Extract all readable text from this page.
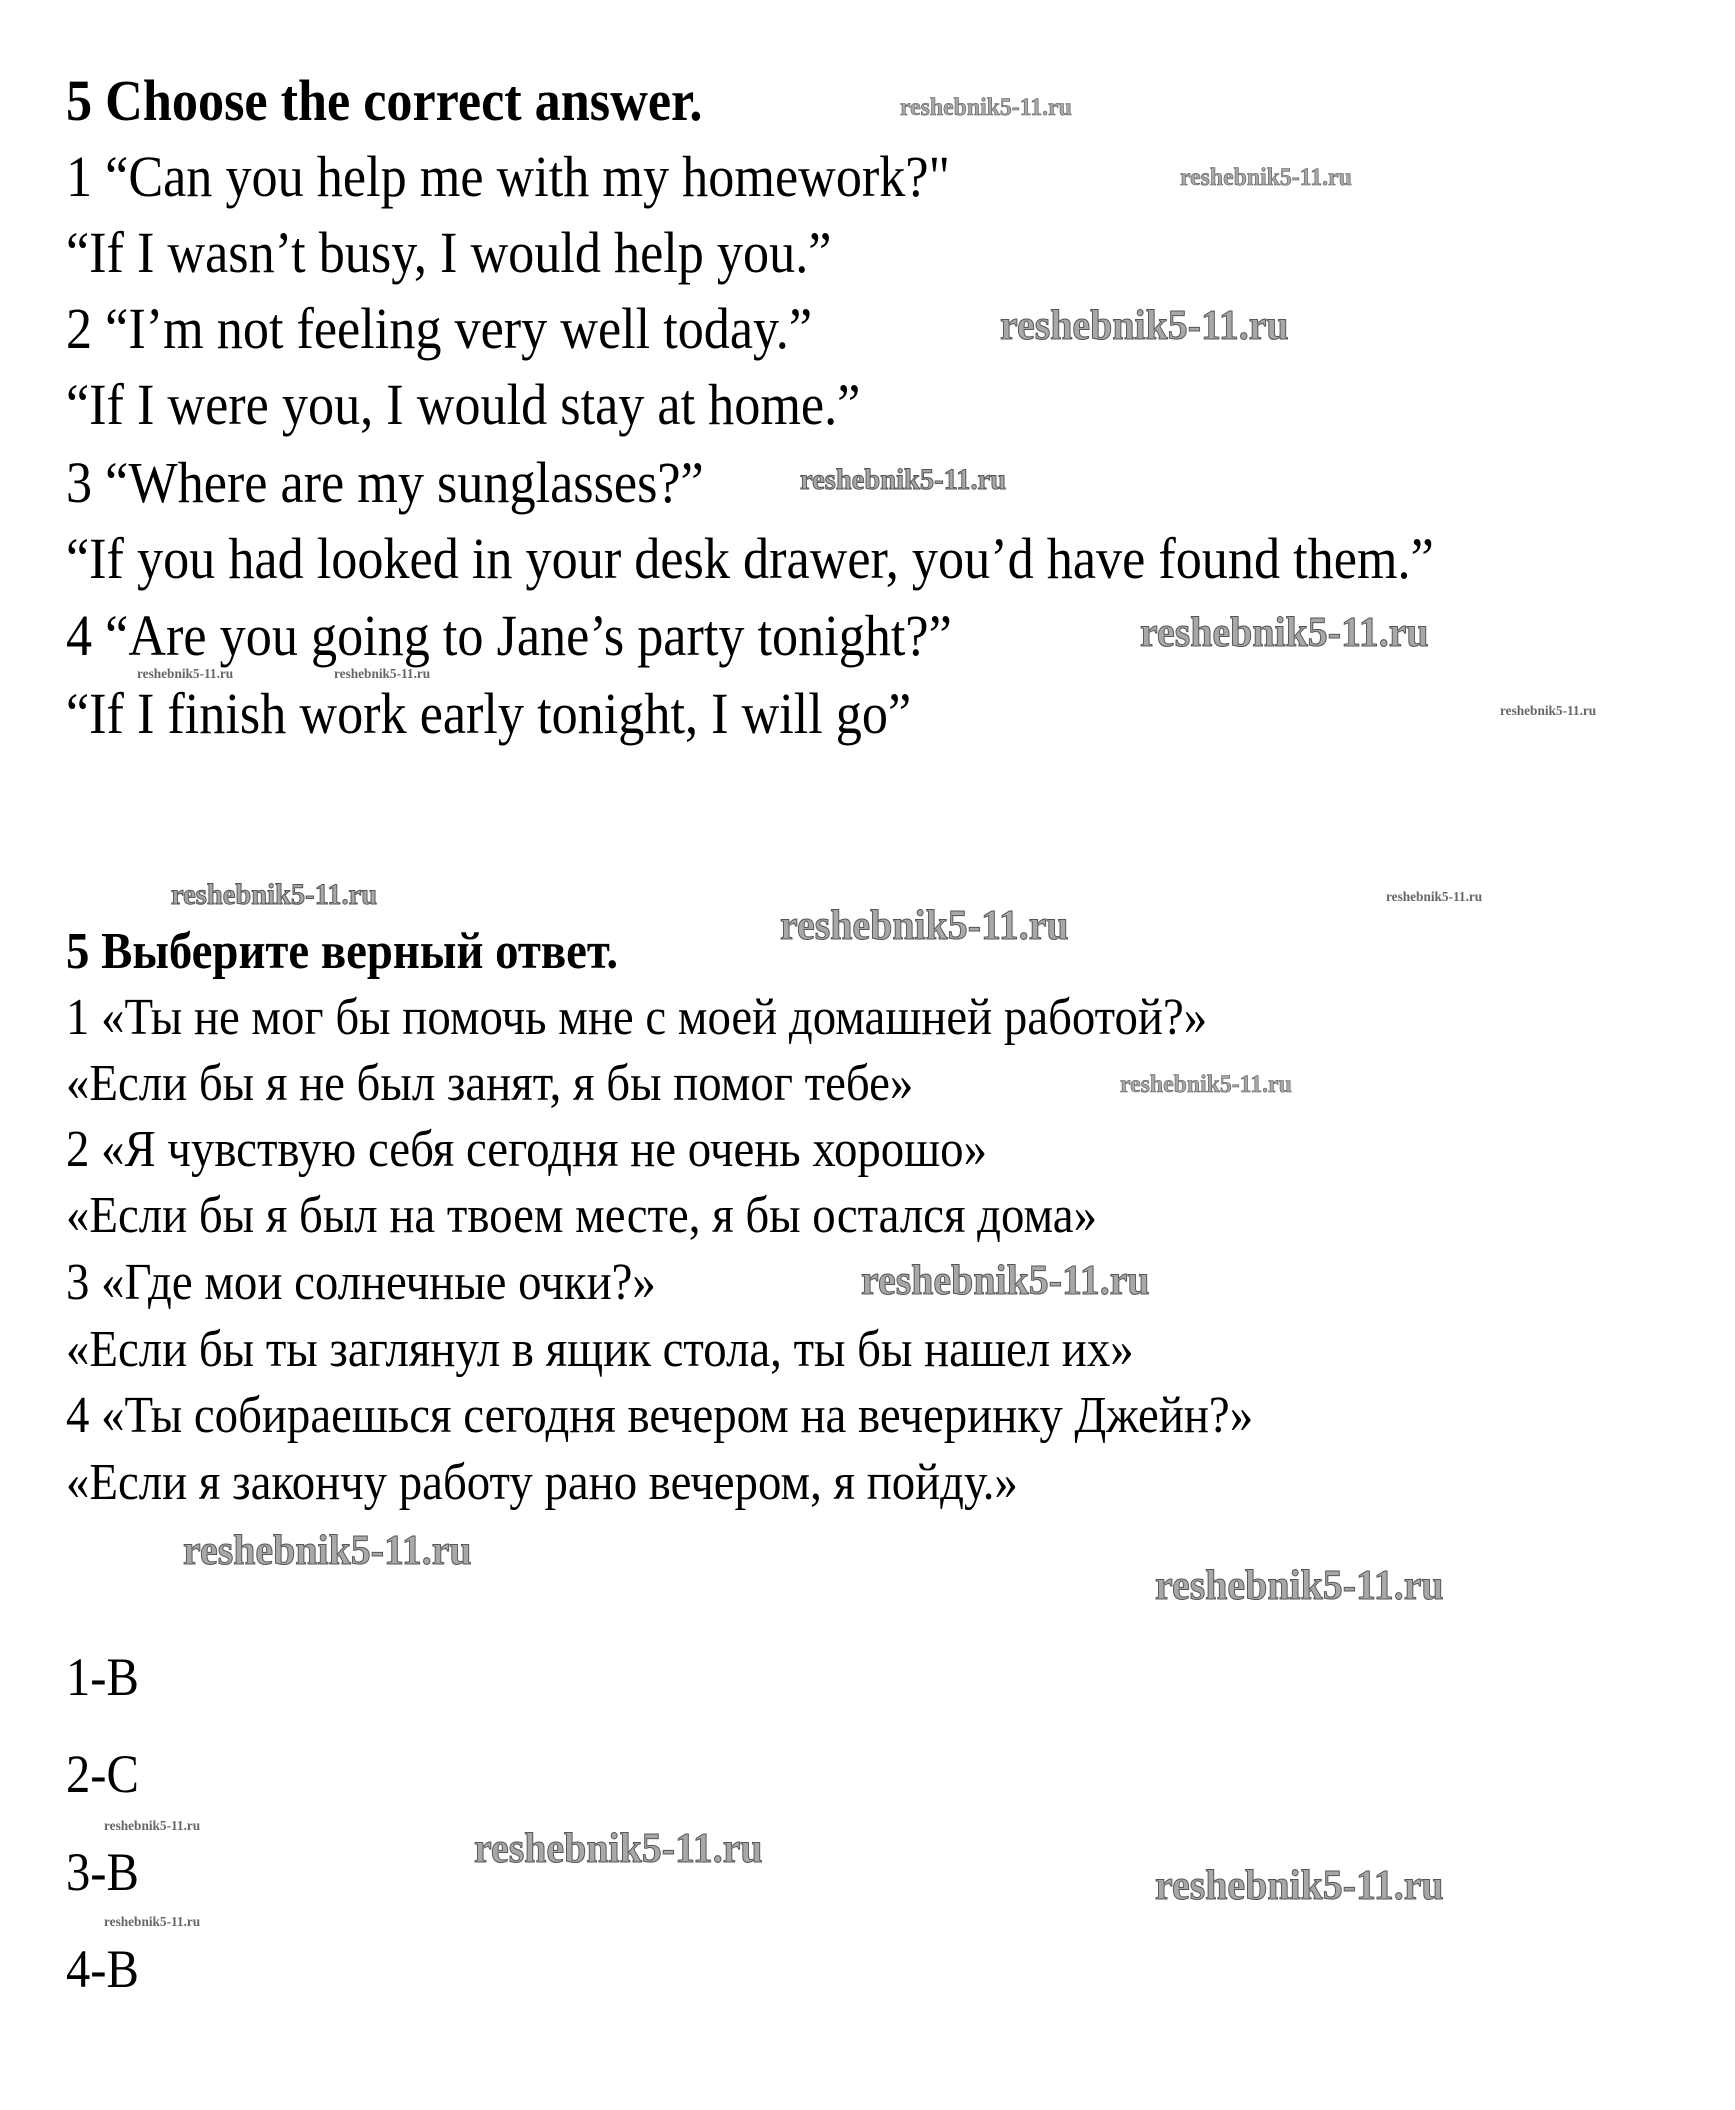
5 Choose the correct answer.
1 “Can you help me with my homework?"
“If I wasn’t busy, I would help you.”
2 “I’m not feeling very well today.”
“If I were you, I would stay at home.”
3 “Where are my sunglasses?”
“If you had looked in your desk drawer, you’d have found them.”
4 “Are you going to Jane’s party tonight?”
“If I finish work early tonight, I will go”
5 Выберите верный ответ.
1 «Ты не мог бы помочь мне с моей домашней работой?»
«Если бы я не был занят, я бы помог тебе»
2 «Я чувствую себя сегодня не очень хорошо»
«Если бы я был на твоем месте, я бы остался дома»
3 «Где мои солнечные очки?»
«Если бы ты заглянул в ящик стола, ты бы нашел их»
4 «Ты собираешься сегодня вечером на вечеринку Джейн?»
«Если я закончу работу рано вечером, я пойду.»
1-B
2-C
3-B
4-B
reshebnik5-11.ru
reshebnik5-11.ru
reshebnik5-11.ru
reshebnik5-11.ru
reshebnik5-11.ru
reshebnik5-11.ru
reshebnik5-11.ru	reshebnik5-11.ru
reshebnik5-11.ru
reshebnik5-11.ru
reshebnik5-11.ru
reshebnik5-11.ru
reshebnik5-11.ru
reshebnik5-11.ru
reshebnik5-11.ru
reshebnik5-11.ru	reshebnik5-11.ru
reshebnik5-11.ru
reshebnik5-11.ru
